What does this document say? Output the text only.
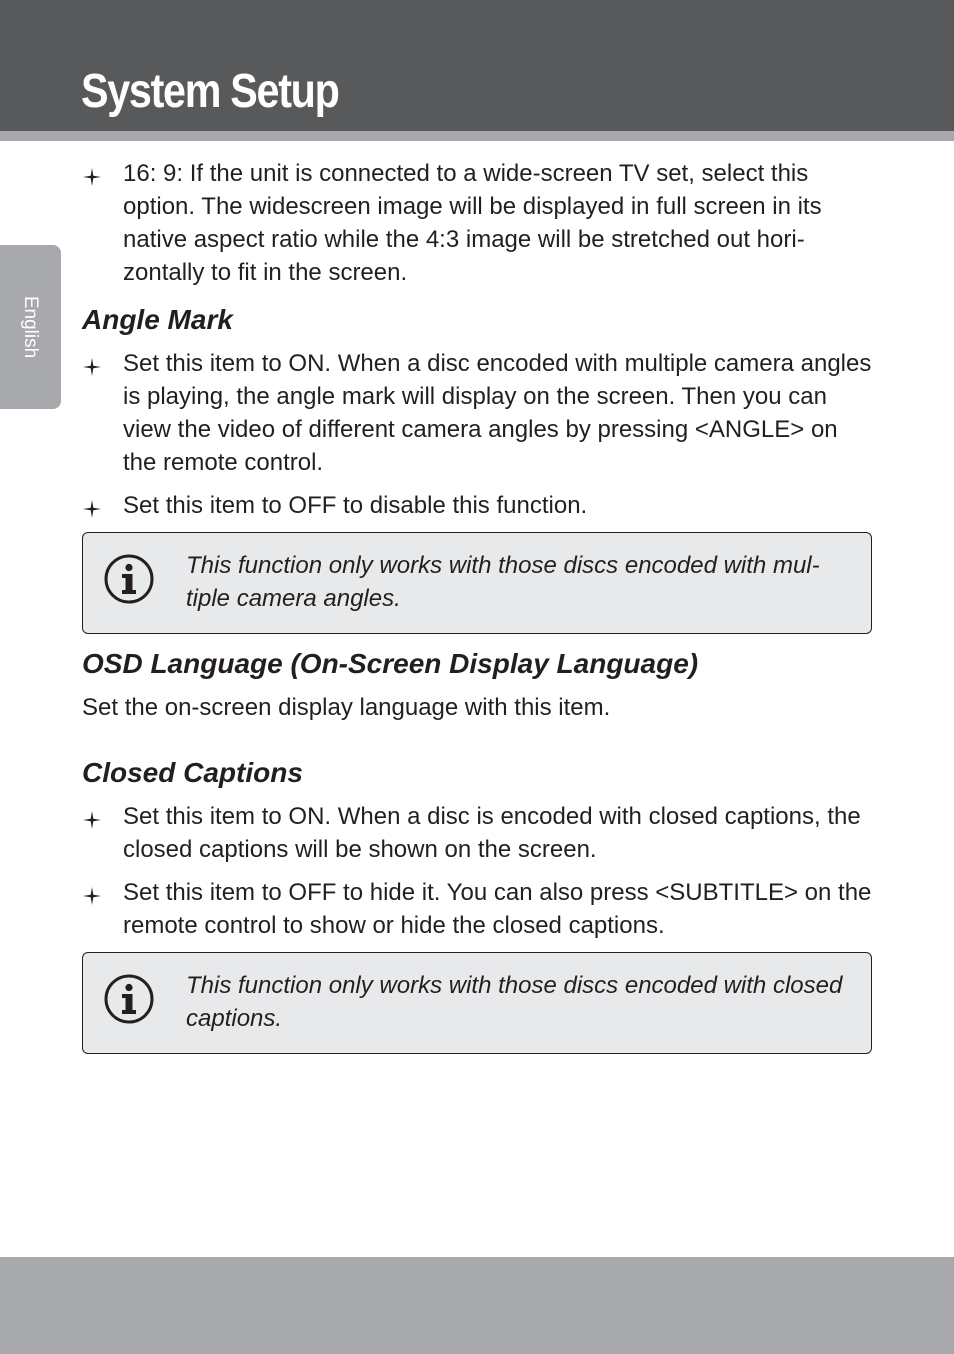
System Setup
English
16: 9: If the unit is connected to a wide-screen TV set, select this option. The widescreen image will be displayed in full screen in its native aspect ratio while the 4:3 image will be stretched out hori-zontally to fit in the screen.
Angle Mark
Set this item to ON. When a disc encoded with multiple camera angles is playing, the angle mark will display on the screen. Then you can view the video of different camera angles by pressing <ANGLE> on the remote control.
Set this item to OFF to disable this function.

This function only works with those discs encoded with mul-tiple camera angles.

OSD Language (On-Screen Display Language)

Set the on-screen display language with this item.

Closed Captions
Set this item to ON. When a disc is encoded with closed captions, the closed captions will be shown on the screen.
Set this item to OFF to hide it. You can also press <SUBTITLE> on the remote control to show or hide the closed captions.

This function only works with those discs encoded with closed captions.
